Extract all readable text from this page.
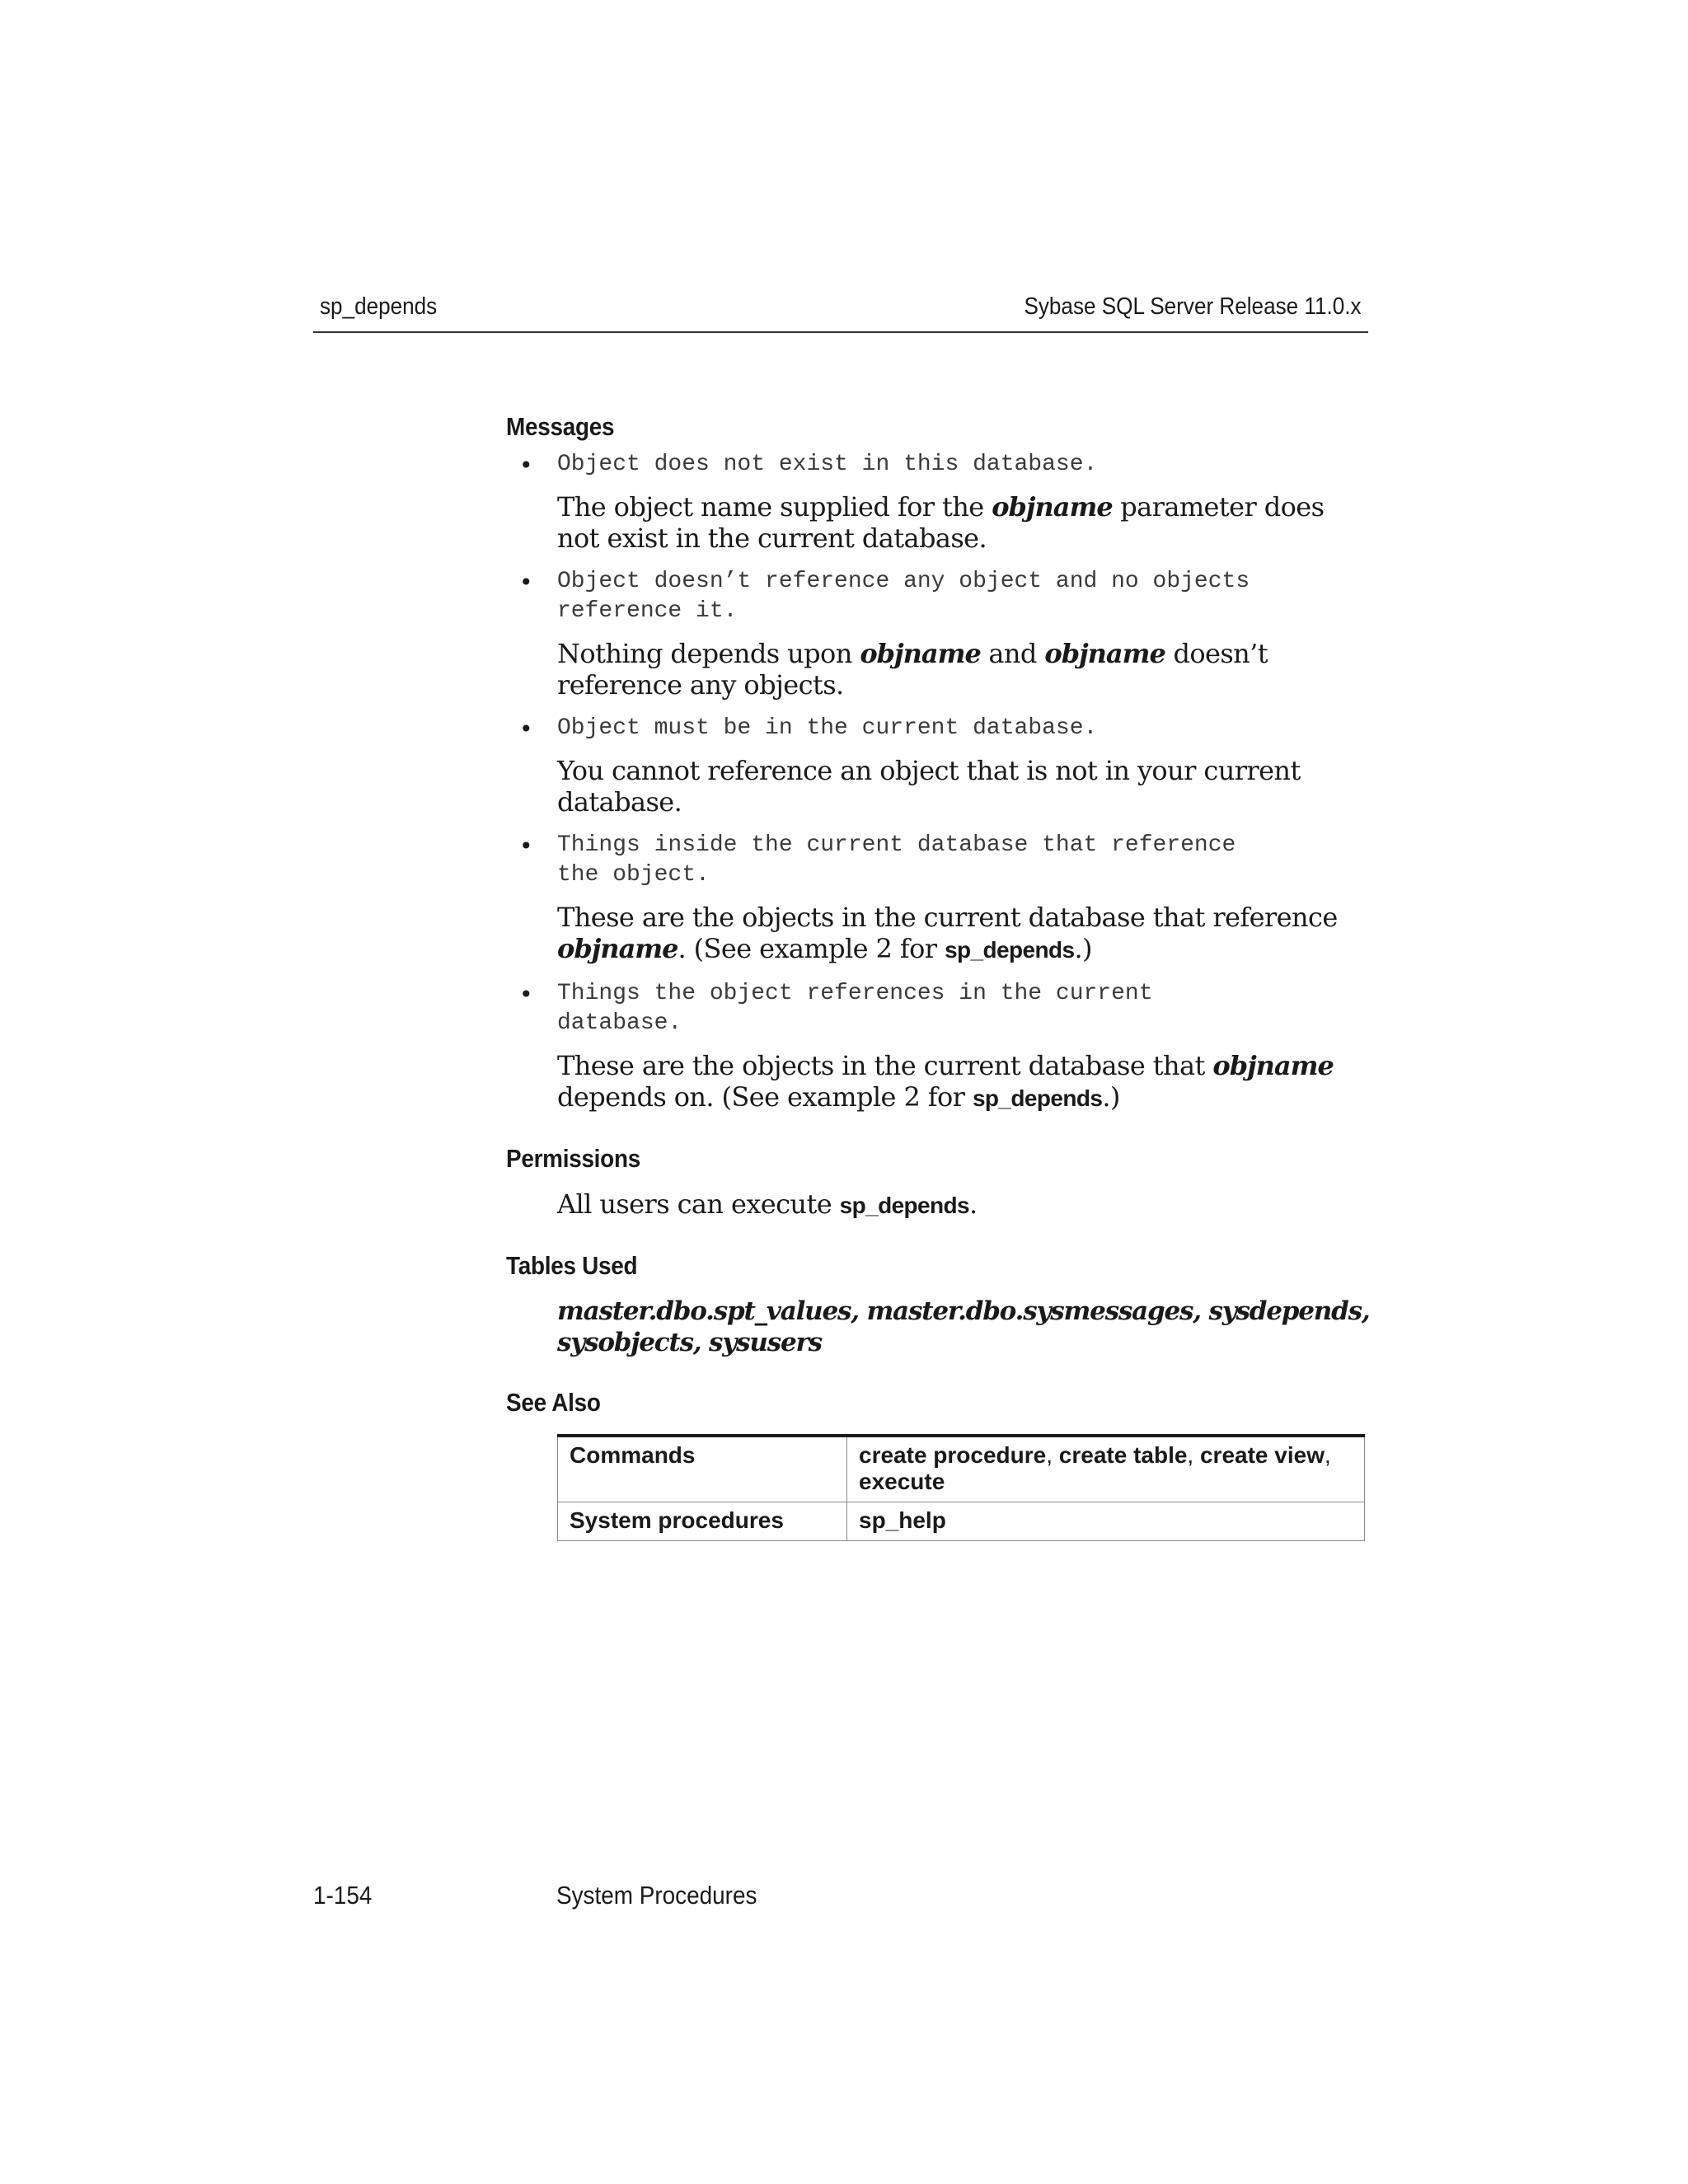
sp_depends	Sybase SQL Server Release 11.0.x
Messages
• Object does not exist in this database.
The object name supplied for the objname parameter does not exist in the current database.
• Object doesn’t reference any object and no objects
reference it.
Nothing depends upon objname and objname doesn’t reference any objects.
• Object must be in the current database.
You cannot reference an object that is not in your current database.
• Things inside the current database that reference
the object.
These are the objects in the current database that reference objname. (See example 2 for sp_depends.)
• Things the object references in the current
database.
These are the objects in the current database that objname depends on. (See example 2 for sp_depends.)
Permissions

All users can execute sp_depends.

Tables Used

master.dbo.spt_values, master.dbo.sysmessages, sysdepends, sysobjects, sysusers

See Also
Commands	create procedure, create table, create view,
execute
System procedures	sp_help
1-154	System Procedures
